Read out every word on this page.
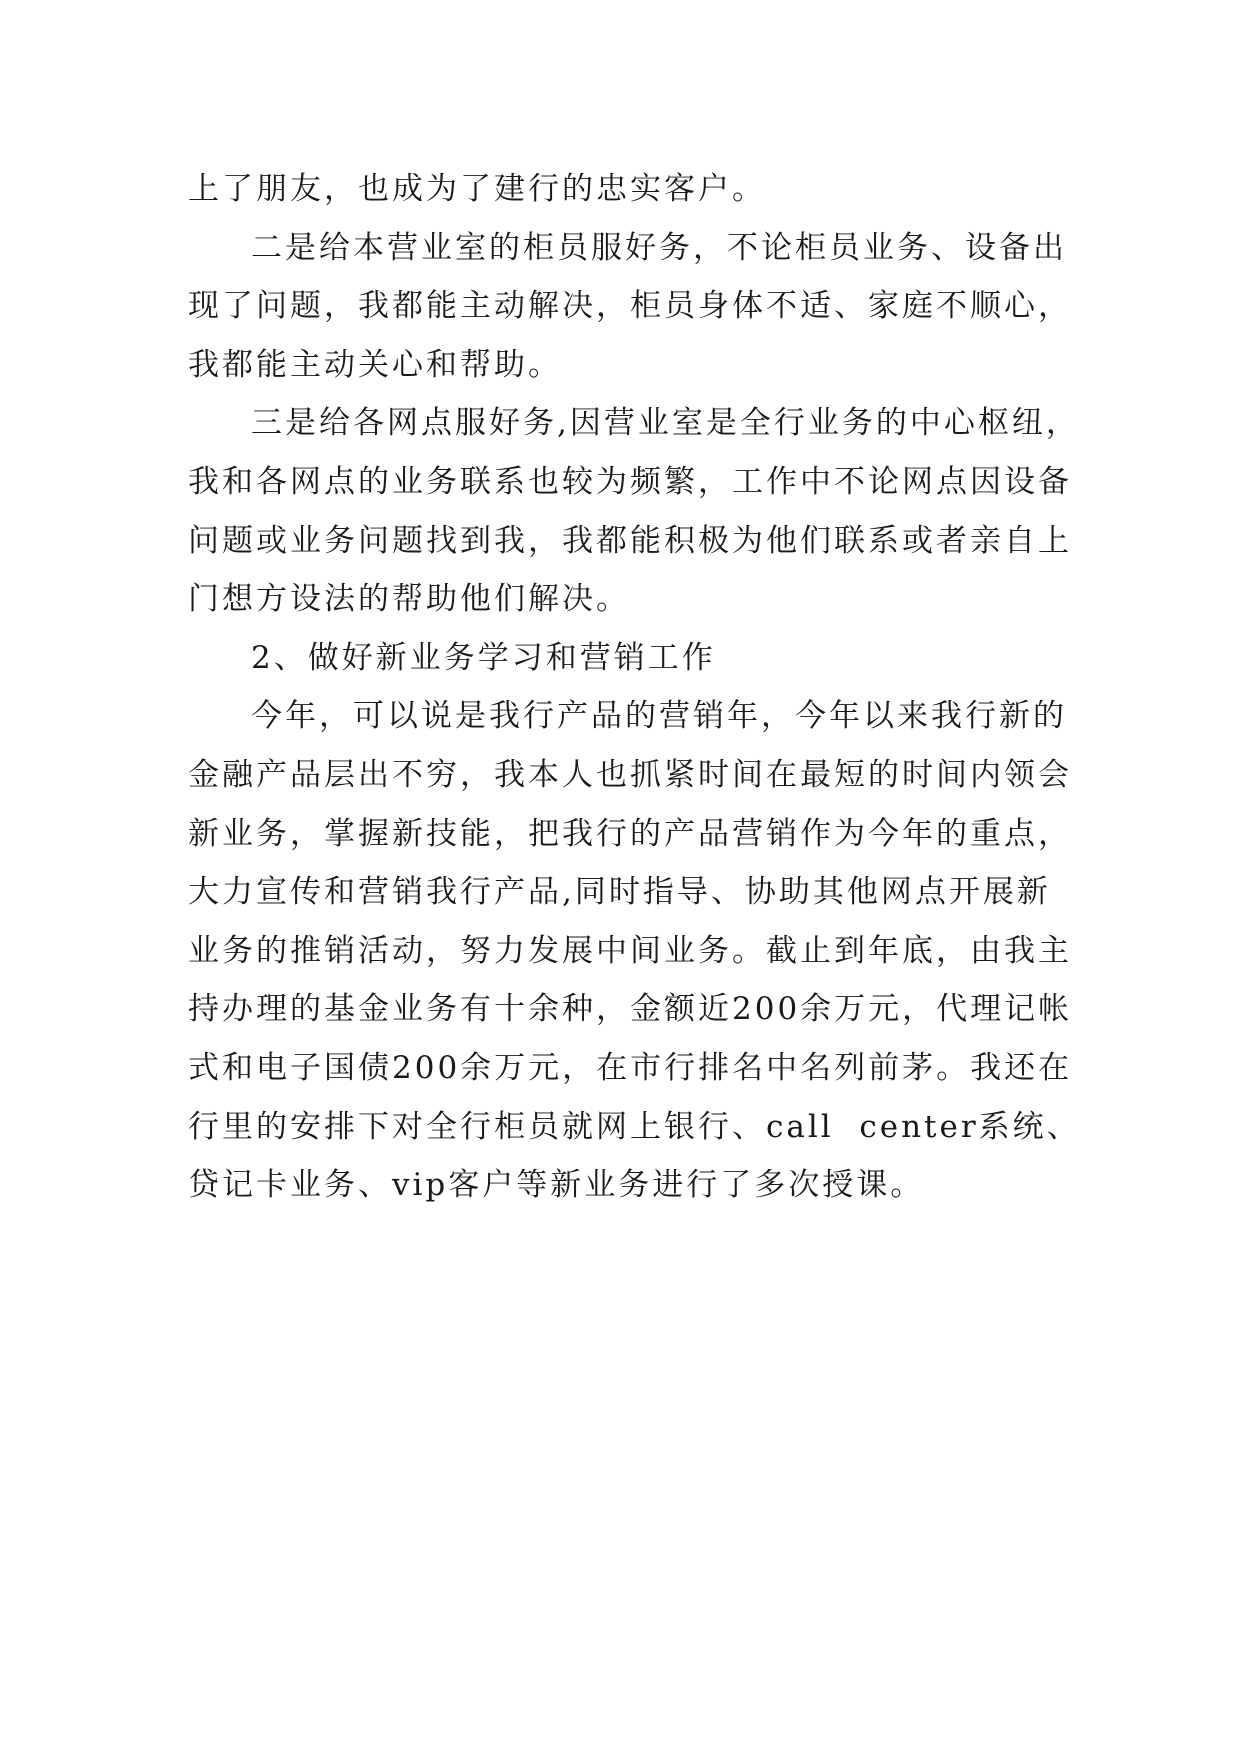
上了朋友，也成为了建行的忠实客户。
二是给本营业室的柜员服好务，不论柜员业务、设备出
现了问题，我都能主动解决，柜员身体不适、家庭不顺心，
我都能主动关心和帮助。
三是给各网点服好务,因营业室是全行业务的中心枢纽，
我和各网点的业务联系也较为频繁，工作中不论网点因设备
问题或业务问题找到我，我都能积极为他们联系或者亲自上
门想方设法的帮助他们解决。
2、做好新业务学习和营销工作
今年，可以说是我行产品的营销年，今年以来我行新的
金融产品层出不穷，我本人也抓紧时间在最短的时间内领会
新业务，掌握新技能，把我行的产品营销作为今年的重点，
大力宣传和营销我行产品,同时指导、协助其他网点开展新
业务的推销活动，努力发展中间业务。截止到年底，由我主
持办理的基金业务有十余种，金额近200余万元，代理记帐
式和电子国债200余万元，在市行排名中名列前茅。我还在
行里的安排下对全行柜员就网上银行、call  center系统、
贷记卡业务、vip客户等新业务进行了多次授课。
